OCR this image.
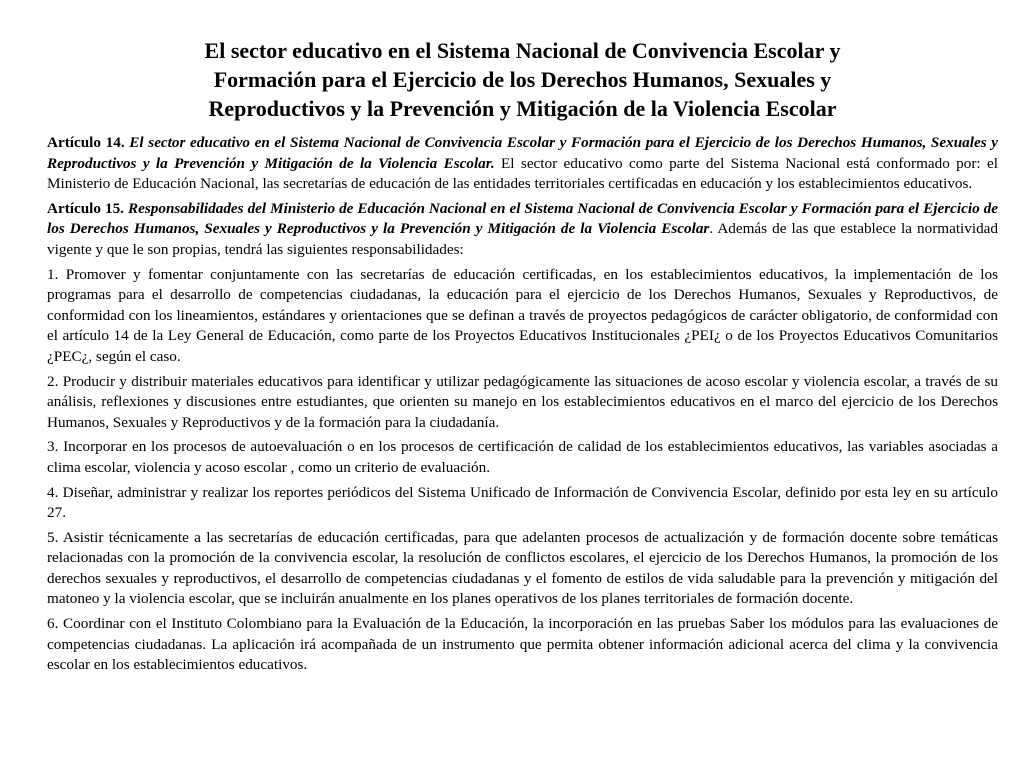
El sector educativo en el Sistema Nacional de Convivencia Escolar y
Formación para el Ejercicio de los Derechos Humanos, Sexuales y
Reproductivos y la Prevención y Mitigación de la Violencia Escolar

Artículo 14. El sector educativo en el Sistema Nacional de Convivencia Escolar y Formación para el Ejercicio de los Derechos Humanos, Sexuales y Reproductivos y la Prevención y Mitigación de la Violencia Escolar. El sector educativo como parte del Sistema Nacional está conformado por: el Ministerio de Educación Nacional, las secretarías de educación de las entidades territoriales certificadas en educación y los establecimientos educativos.

Artículo 15. Responsabilidades del Ministerio de Educación Nacional en el Sistema Nacional de Convivencia Escolar y Formación para el Ejercicio de los Derechos Humanos, Sexuales y Reproductivos y la Prevención y Mitigación de la Violencia Escolar. Además de las que establece la normatividad vigente y que le son propias, tendrá las siguientes responsabilidades:

1. Promover y fomentar conjuntamente con las secretarías de educación certificadas, en los establecimientos educativos, la implementación de los programas para el desarrollo de competencias ciudadanas, la educación para el ejercicio de los Derechos Humanos, Sexuales y Reproductivos, de conformidad con los lineamientos, estándares y orientaciones que se definan a través de proyectos pedagógicos de carácter obligatorio, de conformidad con el artículo 14 de la Ley General de Educación, como parte de los Proyectos Educativos Institucionales ¿PEI¿ o de los Proyectos Educativos Comunitarios ¿PEC¿, según el caso.

2. Producir y distribuir materiales educativos para identificar y utilizar pedagógicamente las situaciones de acoso escolar y violencia escolar, a través de su análisis, reflexiones y discusiones entre estudiantes, que orienten su manejo en los establecimientos educativos en el marco del ejercicio de los Derechos Humanos, Sexuales y Reproductivos y de la formación para la ciudadanía.

3. Incorporar en los procesos de autoevaluación o en los procesos de certificación de calidad de los establecimientos educativos, las variables asociadas a clima escolar, violencia y acoso escolar , como un criterio de evaluación.

4. Diseñar, administrar y realizar los reportes periódicos del Sistema Unificado de Información de Convivencia Escolar, definido por esta ley en su artículo 27.

5. Asistir técnicamente a las secretarías de educación certificadas, para que adelanten procesos de actualización y de formación docente sobre temáticas relacionadas con la promoción de la convivencia escolar, la resolución de conflictos escolares, el ejercicio de los Derechos Humanos, la promoción de los derechos sexuales y reproductivos, el desarrollo de competencias ciudadanas y el fomento de estilos de vida saludable para la prevención y mitigación del matoneo y la violencia escolar, que se incluirán anualmente en los planes operativos de los planes territoriales de formación docente.

6. Coordinar con el Instituto Colombiano para la Evaluación de la Educación, la incorporación en las pruebas Saber los módulos para las evaluaciones de competencias ciudadanas. La aplicación irá acompañada de un instrumento que permita obtener información adicional acerca del clima y la convivencia escolar en los establecimientos educativos.
